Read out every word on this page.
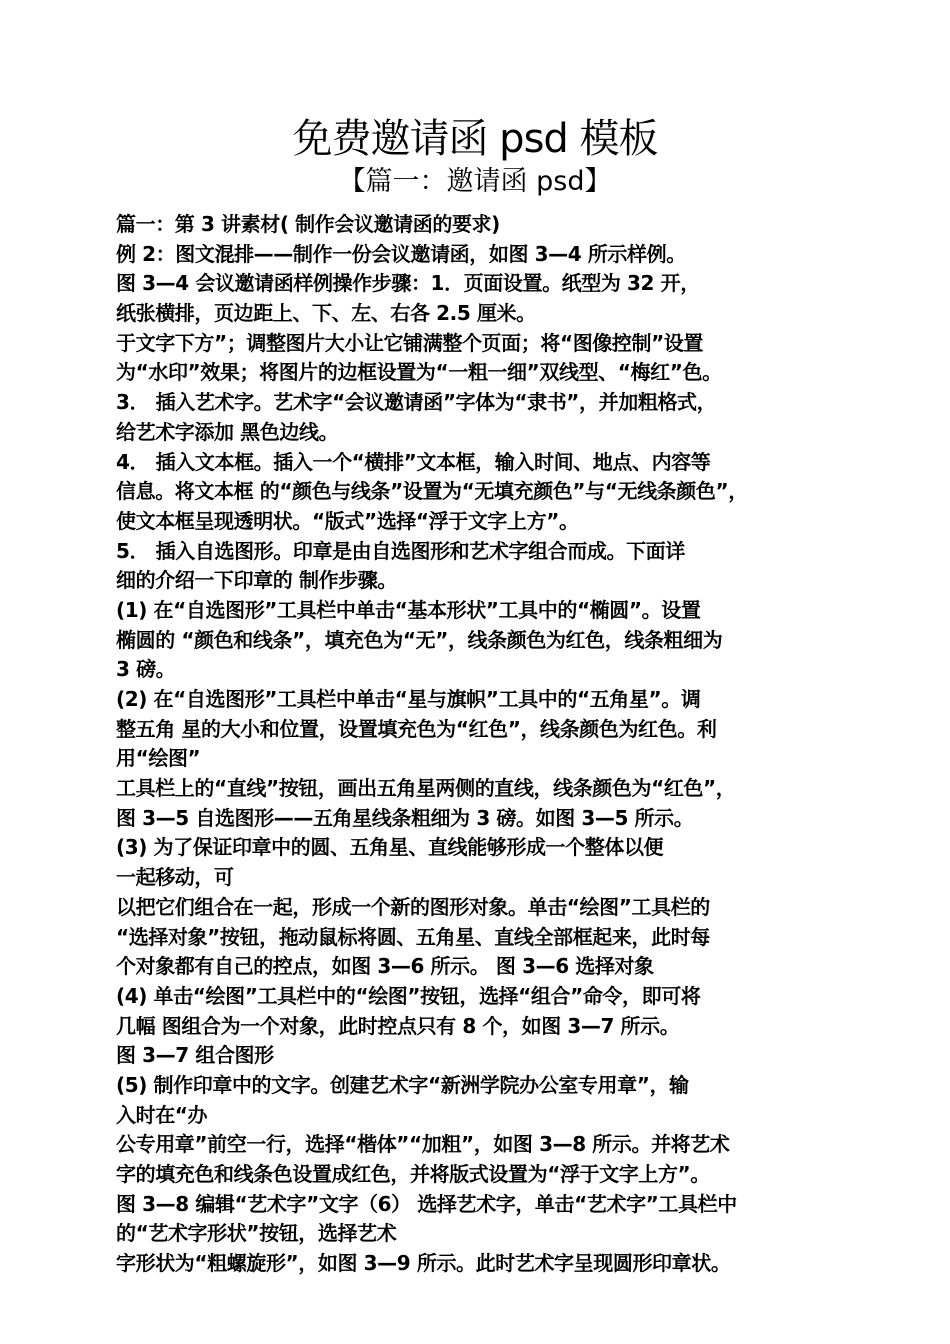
免费邀请函 psd 模板
【篇一：邀请函 psd】
篇一：第 3 讲素材( 制作会议邀请函的要求)
例 2：图文混排——制作一份会议邀请函，如图 3—4 所示样例。
图 3—4 会议邀请函样例操作步骤：1．页面设置。纸型为 32 开，
纸张横排，页边距上、下、左、右各 2.5 厘米。
于文字下方”；调整图片大小让它铺满整个页面；将“图像控制”设置
为“水印”效果；将图片的边框设置为“一粗一细”双线型、“梅红”色。
3． 插入艺术字。艺术字“会议邀请函”字体为“隶书”，并加粗格式，
给艺术字添加 黑色边线。
4． 插入文本框。插入一个“横排”文本框，输入时间、地点、内容等
信息。将文本框 的“颜色与线条”设置为“无填充颜色”与“无线条颜色”，
使文本框呈现透明状。“版式”选择“浮于文字上方”。
5． 插入自选图形。印章是由自选图形和艺术字组合而成。下面详
细的介绍一下印章的 制作步骤。
(1) 在“自选图形”工具栏中单击“基本形状”工具中的“椭圆”。设置
椭圆的 “颜色和线条”，填充色为“无”，线条颜色为红色，线条粗细为
3 磅。
(2) 在“自选图形”工具栏中单击“星与旗帜”工具中的“五角星”。调
整五角 星的大小和位置，设置填充色为“红色”，线条颜色为红色。利
用“绘图”
工具栏上的“直线”按钮，画出五角星两侧的直线，线条颜色为“红色”，
图 3—5 自选图形——五角星线条粗细为 3 磅。如图 3—5 所示。
(3) 为了保证印章中的圆、五角星、直线能够形成一个整体以便
一起移动，可
以把它们组合在一起，形成一个新的图形对象。单击“绘图”工具栏的
“选择对象”按钮，拖动鼠标将圆、五角星、直线全部框起来，此时每
个对象都有自己的控点，如图 3—6 所示。 图 3—6 选择对象
(4) 单击“绘图”工具栏中的“绘图”按钮，选择“组合”命令，即可将
几幅 图组合为一个对象，此时控点只有 8 个，如图 3—7 所示。
图 3—7 组合图形
(5) 制作印章中的文字。创建艺术字“新洲学院办公室专用章”，输
入时在“办
公专用章”前空一行，选择“楷体”“加粗”，如图 3—8 所示。并将艺术
字的填充色和线条色设置成红色，并将版式设置为“浮于文字上方”。
图 3—8 编辑“艺术字”文字（6） 选择艺术字，单击“艺术字”工具栏中
的“艺术字形状”按钮，选择艺术
字形状为“粗螺旋形”，如图 3—9 所示。此时艺术字呈现圆形印章状。
